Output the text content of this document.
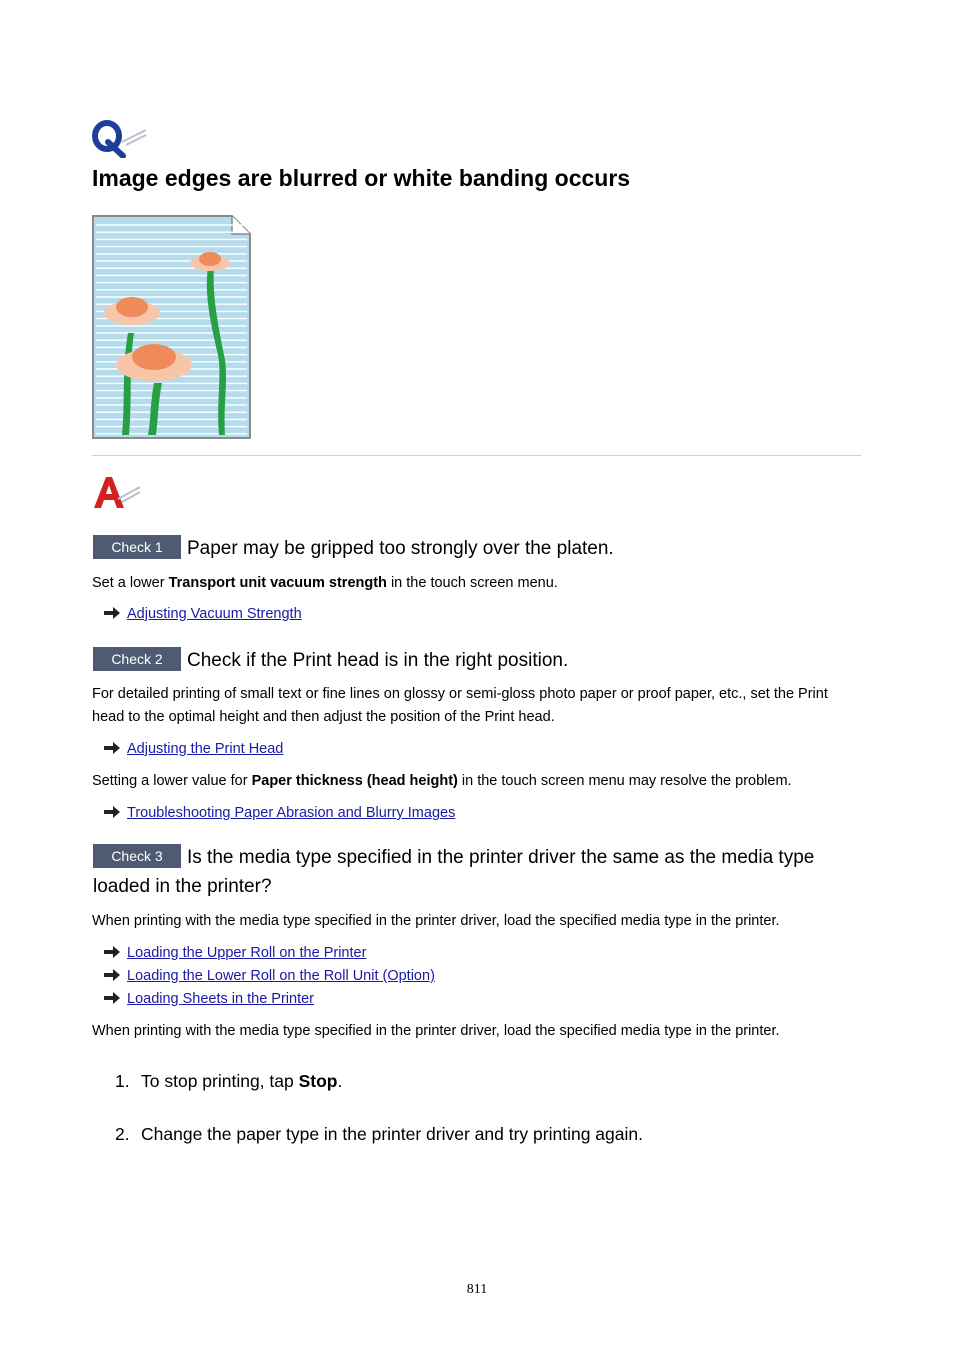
Image edges are blurred or white banding occurs
Check 1 Paper may be gripped too strongly over the platen.
Set a lower Transport unit vacuum strength in the touch screen menu.
Adjusting Vacuum Strength
Check 2 Check if the Print head is in the right position.
For detailed printing of small text or fine lines on glossy or semi-gloss photo paper or proof paper, etc., set the Print head to the optimal height and then adjust the position of the Print head.
Adjusting the Print Head
Setting a lower value for Paper thickness (head height) in the touch screen menu may resolve the problem.
Troubleshooting Paper Abrasion and Blurry Images
Check 3 Is the media type specified in the printer driver the same as the media type loaded in the printer?
When printing with the media type specified in the printer driver, load the specified media type in the printer.
Loading the Upper Roll on the Printer
Loading the Lower Roll on the Roll Unit (Option)
Loading Sheets in the Printer
When printing with the media type specified in the printer driver, load the specified media type in the printer.
1. To stop printing, tap Stop.
2. Change the paper type in the printer driver and try printing again.
811
